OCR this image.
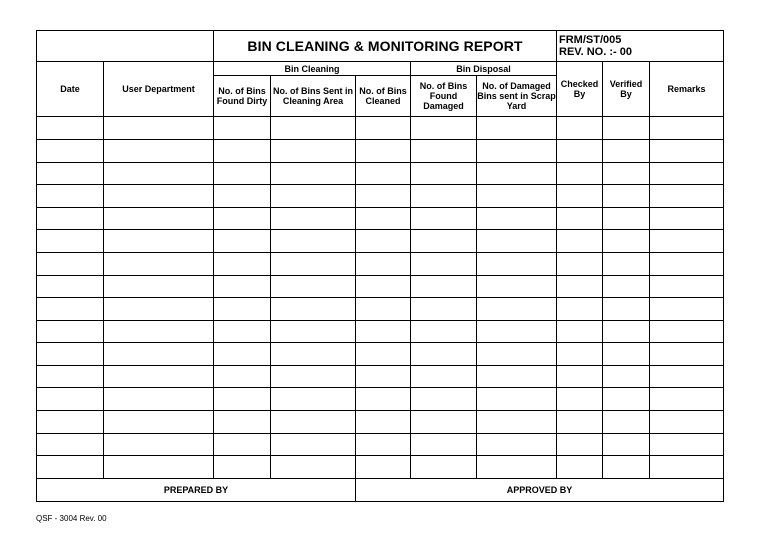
		BIN CLEANING & MONITORING REPORT					FRM/ST/005
REV. NO. :- 00		

Date	User Department	Bin Cleaning			Bin Disposal		Checked By	Verified By	Remarks
		No. of Bins Found Dirty	No. of Bins Sent in Cleaning Area	No. of Bins Cleaned	No. of Bins Found Damaged	No. of Damaged Bins sent in Scrap Yard			

PREPARED BY				APPROVED BY					
QSF - 3004 Rev. 00
